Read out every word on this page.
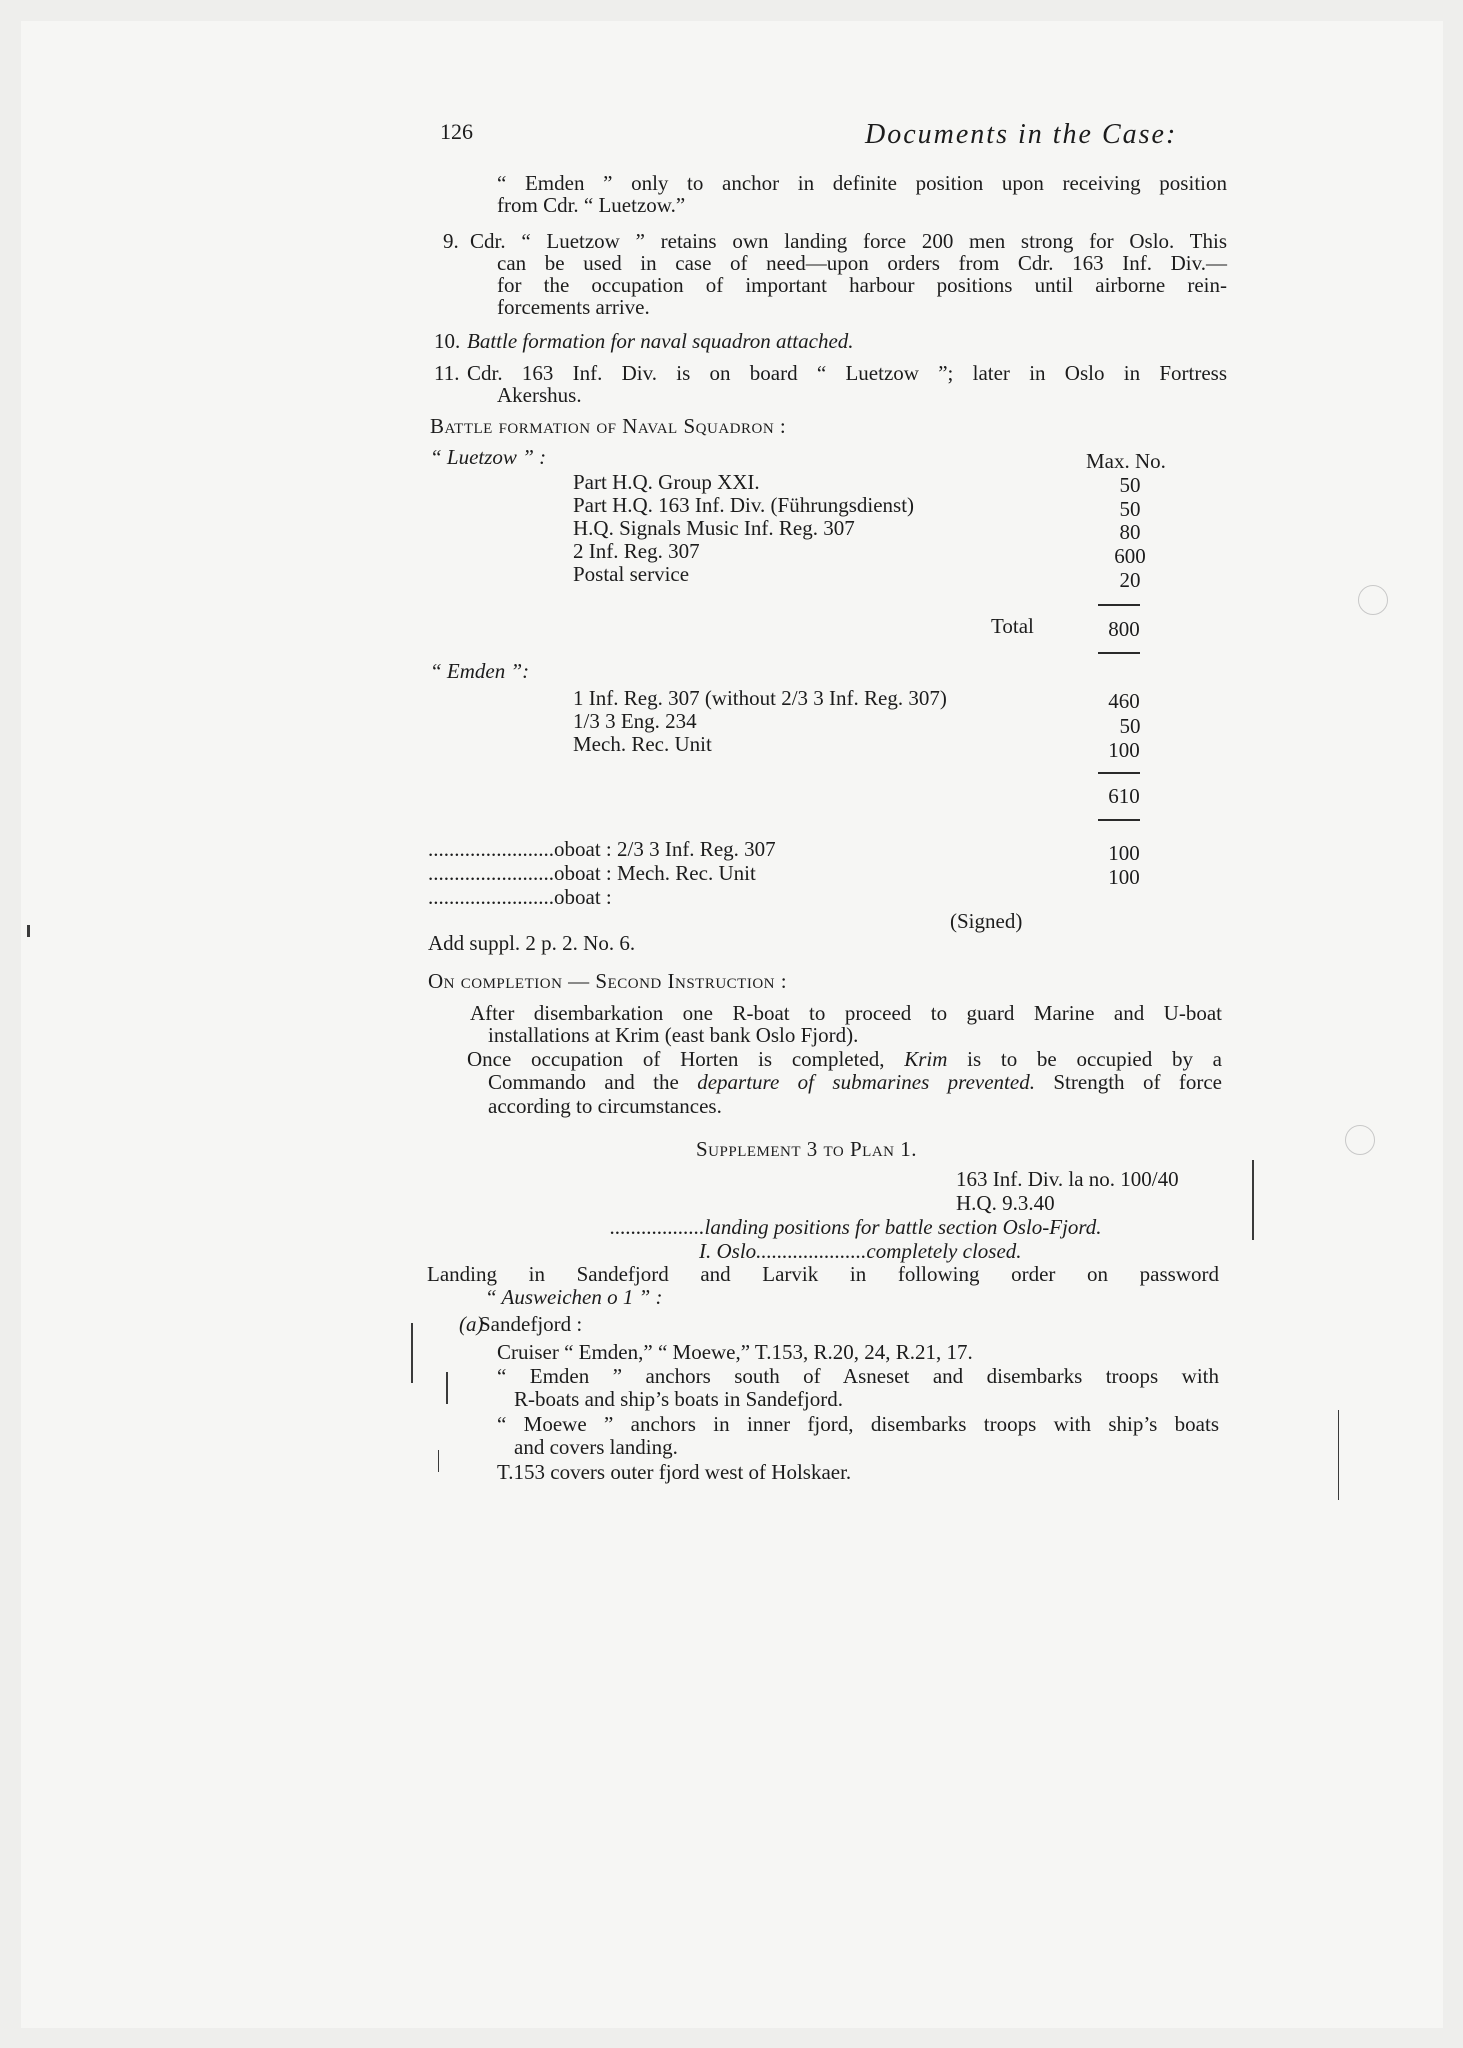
126	Documents in the Case:
“ Emden ” only to anchor in definite position upon receiving position
from Cdr. “ Luetzow.”
9. Cdr. “ Luetzow ” retains own landing force 200 men strong for Oslo. This
can be used in case of need—upon orders from Cdr. 163 Inf. Div.—
for the occupation of important harbour positions until airborne rein-
forcements arrive.
10. Battle formation for naval squadron attached.
11. Cdr. 163 Inf. Div. is on board “ Luetzow ”; later in Oslo in Fortress
Akershus.
Battle formation of Naval Squadron :
“ Luetzow ” :	Max. No.
Part H.Q. Group XXI.	50
Part H.Q. 163 Inf. Div. (Führungsdienst)	50
H.Q. Signals Music Inf. Reg. 307	80
2 Inf. Reg. 307	600
Postal service	20
Total	800
“ Emden ”:
1 Inf. Reg. 307 (without 2/3 3 Inf. Reg. 307)	460
1/3 3 Eng. 234	50
Mech. Rec. Unit	100
610
........................oboat : 2/3 3 Inf. Reg. 307	100
........................oboat : Mech. Rec. Unit	100
........................oboat :
(Signed)
Add suppl. 2 p. 2. No. 6.
On completion — Second Instruction :
After disembarkation one R-boat to proceed to guard Marine and U-boat
installations at Krim (east bank Oslo Fjord).
Once occupation of Horten is completed, Krim is to be occupied by a
Commando and the departure of submarines prevented. Strength of force
according to circumstances.
Supplement 3 to Plan 1.
163 Inf. Div. la no. 100/40
H.Q. 9.3.40
..................landing positions for battle section Oslo-Fjord.
I. Oslo.....................completely closed.
Landing in Sandefjord and Larvik in following order on password
“ Ausweichen o 1 ” :
(a)
Sandefjord :
Cruiser “ Emden,” “ Moewe,” T.153, R.20, 24, R.21, 17.
“ Emden ” anchors south of Asneset and disembarks troops with
R-boats and ship’s boats in Sandefjord.
“ Moewe ” anchors in inner fjord, disembarks troops with ship’s boats
and covers landing.
T.153 covers outer fjord west of Holskaer.
